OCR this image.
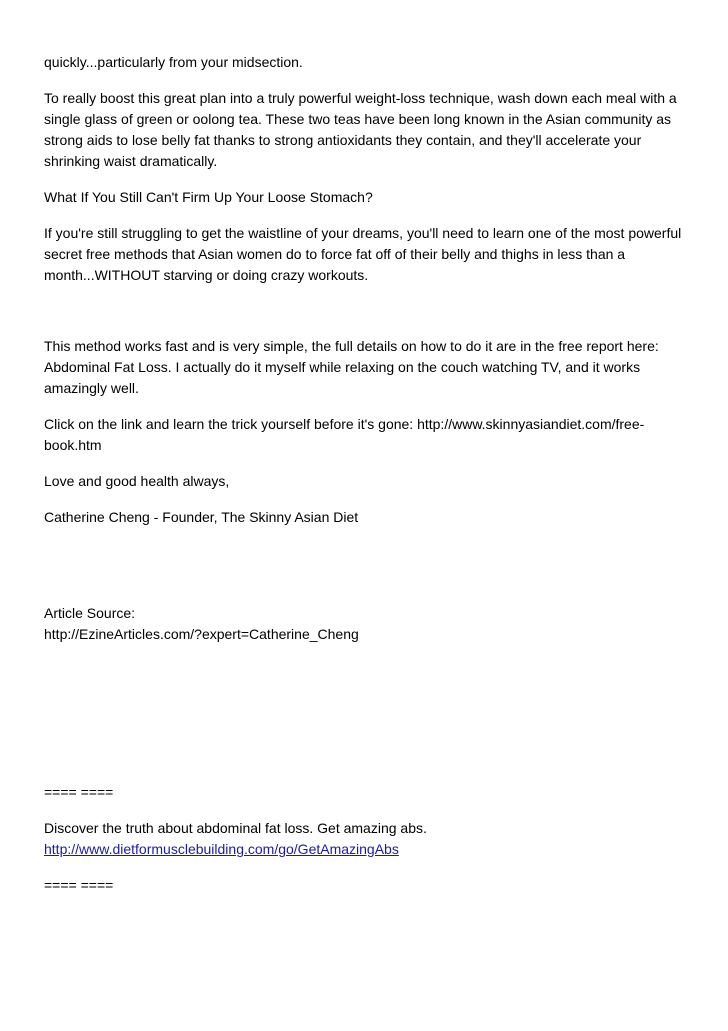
quickly...particularly from your midsection.

To really boost this great plan into a truly powerful weight-loss technique, wash down each meal with a single glass of green or oolong tea. These two teas have been long known in the Asian community as strong aids to lose belly fat thanks to strong antioxidants they contain, and they'll accelerate your shrinking waist dramatically.

What If You Still Can't Firm Up Your Loose Stomach?

If you're still struggling to get the waistline of your dreams, you'll need to learn one of the most powerful secret free methods that Asian women do to force fat off of their belly and thighs in less than a month...WITHOUT starving or doing crazy workouts.

This method works fast and is very simple, the full details on how to do it are in the free report here: Abdominal Fat Loss. I actually do it myself while relaxing on the couch watching TV, and it works amazingly well.

Click on the link and learn the trick yourself before it's gone: http://www.skinnyasiandiet.com/free-book.htm

Love and good health always,

Catherine Cheng - Founder, The Skinny Asian Diet

Article Source:

http://EzineArticles.com/?expert=Catherine_Cheng

==== ====

Discover the truth about abdominal fat loss. Get amazing abs.

http://www.dietformusclebuilding.com/go/GetAmazingAbs

==== ====
